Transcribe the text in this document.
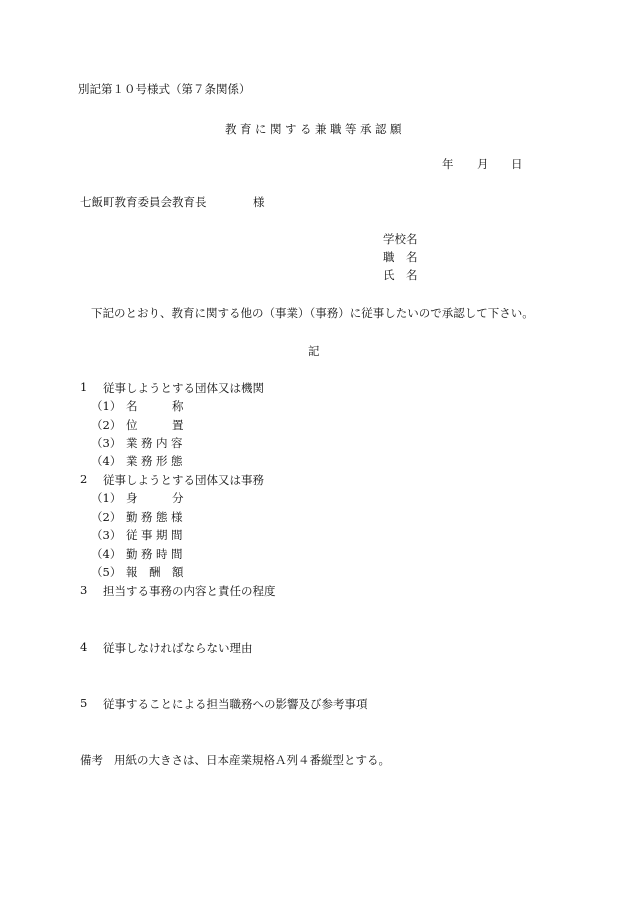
別記第１０号様式（第７条関係）
教育に関する兼職等承認願
年 月 日
七飯町教育委員会教育長	様
学校名
職 名
氏 名
下記のとおり、教育に関する他の（事業）（事務）に従事したいので承認して下さい。
記
1 従事しようとする団体又は機関
（1） 名	称
（2） 位	置
（3） 業務内容
（4） 業務形態
2 従事しようとする団体又は事務
（1） 身	分
（2） 勤務態様
（3） 従事期間
（4） 勤務時間
（5） 報 酬 額
3 担当する事務の内容と責任の程度
4 従事しなければならない理由
5 従事することによる担当職務への影響及び参考事項
備考 用紙の大きさは、日本産業規格Ａ列４番縦型とする。
